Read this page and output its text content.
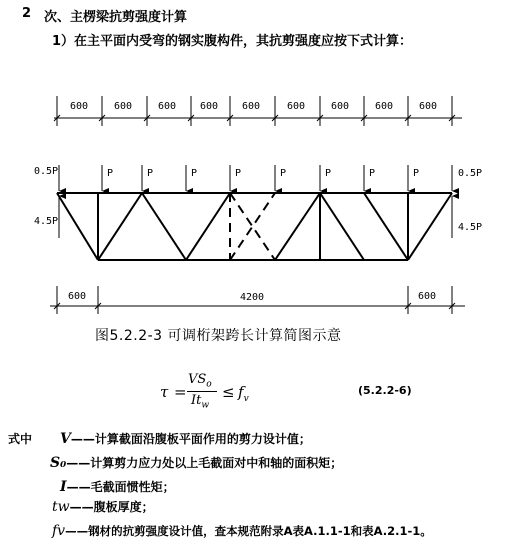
2 次、主楞梁抗剪强度计算
1）在主平面内受弯的钢实腹构件，其抗剪强度应按下式计算：
600	600	600 600 600	600	600	600	600
0.5P	P	P	P	P	P	P	P	P	0.5P
4.5P
4.5P
600	4200	600
图5.2.2-3 可调桁架跨长计算简图示意
τ =
$VS_o$
$It_w$
≤ $f_v$
(5.2.2-6)
式中 V——计算截面沿腹板平面作用的剪力设计值；
S₀——计算剪力应力处以上毛截面对中和轴的面积矩；
I——毛截面惯性矩；
tw——腹板厚度；
fv——钢材的抗剪强度设计值，查本规范附录A表A.1.1-1和表A.2.1-1。
